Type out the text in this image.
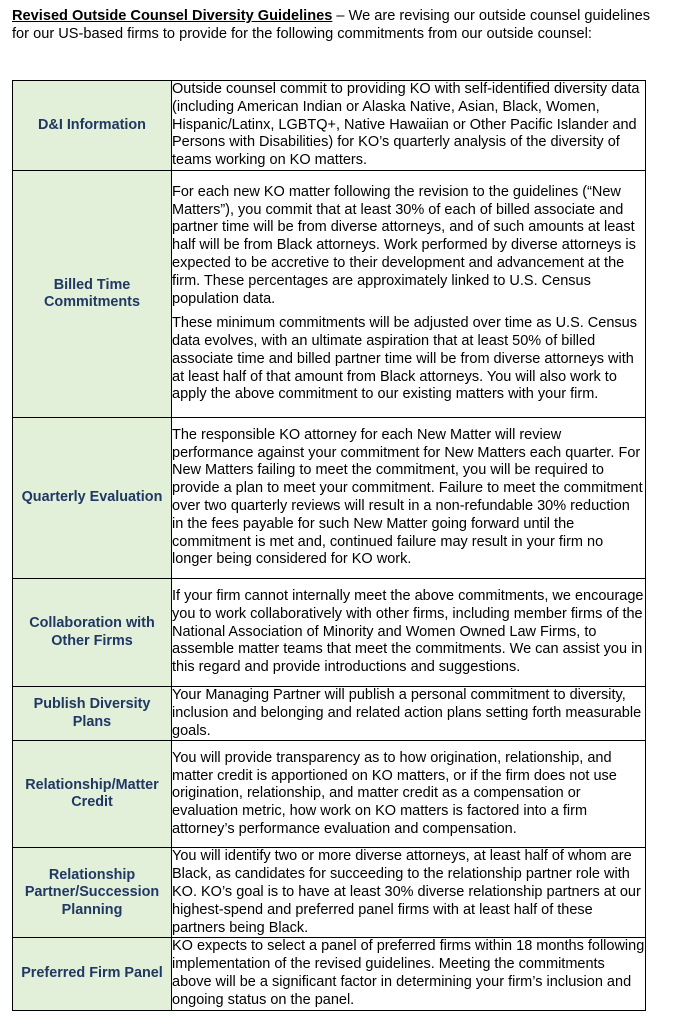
Revised Outside Counsel Diversity Guidelines – We are revising our outside counsel guidelines for our US-based firms to provide for the following commitments from our outside counsel:
D&I Information	Outside counsel commit to providing KO with self-identified diversity data (including American Indian or Alaska Native, Asian, Black, Women, Hispanic/Latinx, LGBTQ+, Native Hawaiian or Other Pacific Islander and Persons with Disabilities) for KO’s quarterly analysis of the diversity of teams working on KO matters.

Billed Time Commitments	For each new KO matter following the revision to the guidelines (“New Matters”), you commit that at least 30% of each of billed associate and partner time will be from diverse attorneys, and of such amounts at least half will be from Black attorneys. Work performed by diverse attorneys is expected to be accretive to their development and advancement at the firm. These percentages are approximately linked to U.S. Census population data.

These minimum commitments will be adjusted over time as U.S. Census data evolves, with an ultimate aspiration that at least 50% of billed associate time and billed partner time will be from diverse attorneys with at least half of that amount from Black attorneys. You will also work to apply the above commitment to our existing matters with your firm.

Quarterly Evaluation	The responsible KO attorney for each New Matter will review performance against your commitment for New Matters each quarter. For New Matters failing to meet the commitment, you will be required to provide a plan to meet your commitment. Failure to meet the commitment over two quarterly reviews will result in a non-refundable 30% reduction in the fees payable for such New Matter going forward until the commitment is met and, continued failure may result in your firm no longer being considered for KO work.

Collaboration with Other Firms	If your firm cannot internally meet the above commitments, we encourage you to work collaboratively with other firms, including member firms of the National Association of Minority and Women Owned Law Firms, to assemble matter teams that meet the commitments. We can assist you in this regard and provide introductions and suggestions.

Publish Diversity Plans	Your Managing Partner will publish a personal commitment to diversity, inclusion and belonging and related action plans setting forth measurable goals.

Relationship/Matter Credit	You will provide transparency as to how origination, relationship, and matter credit is apportioned on KO matters, or if the firm does not use origination, relationship, and matter credit as a compensation or evaluation metric, how work on KO matters is factored into a firm attorney’s performance evaluation and compensation.

Relationship Partner/Succession Planning	You will identify two or more diverse attorneys, at least half of whom are Black, as candidates for succeeding to the relationship partner role with KO. KO’s goal is to have at least 30% diverse relationship partners at our highest-spend and preferred panel firms with at least half of these partners being Black.

Preferred Firm Panel	KO expects to select a panel of preferred firms within 18 months following implementation of the revised guidelines. Meeting the commitments above will be a significant factor in determining your firm’s inclusion and ongoing status on the panel.
